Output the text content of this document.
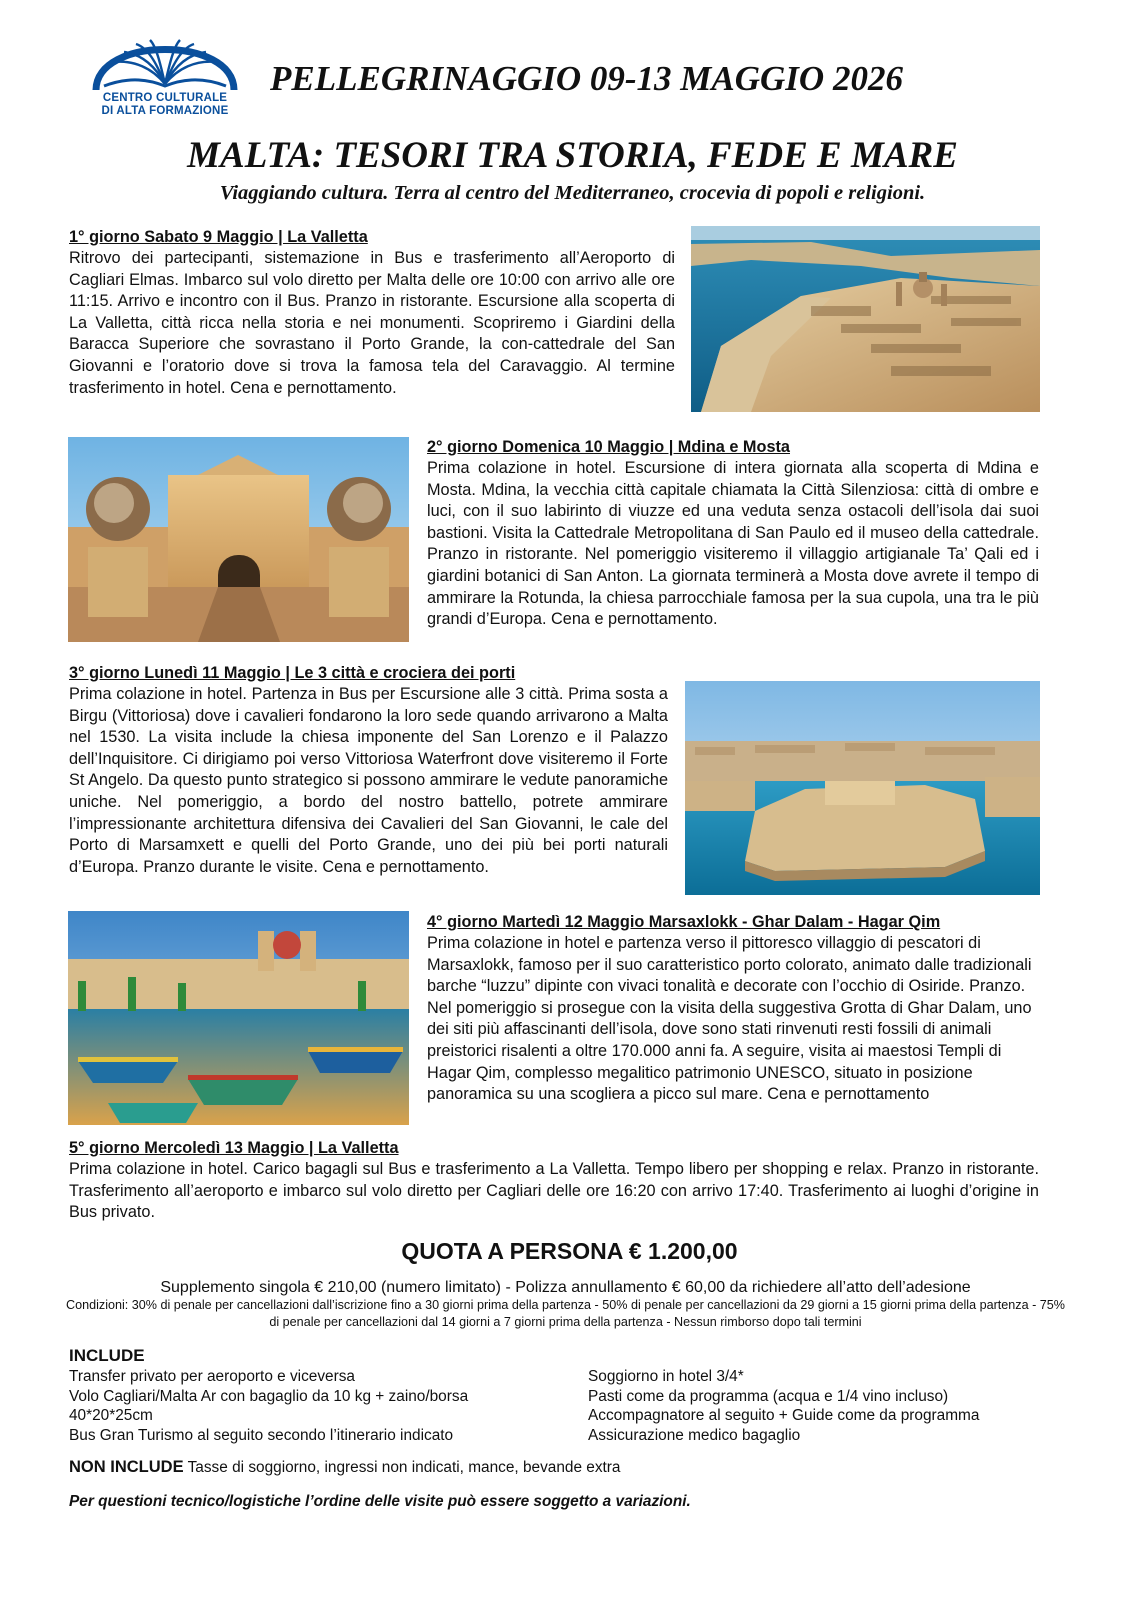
CENTRO CULTURALE
DI ALTA FORMAZIONE
PELLEGRINAGGIO 09-13 MAGGIO 2026
MALTA: TESORI TRA STORIA, FEDE E MARE
Viaggiando cultura. Terra al centro del Mediterraneo, crocevia di popoli e religioni.
1° giorno Sabato 9 Maggio | La Valletta
Ritrovo dei partecipanti, sistemazione in Bus e trasferimento all’Aeroporto di Cagliari Elmas. Imbarco sul volo diretto per Malta delle ore 10:00 con arrivo alle ore 11:15. Arrivo e incontro con il Bus. Pranzo in ristorante. Escursione alla scoperta di La Valletta, città ricca nella storia e nei monumenti. Scopriremo i Giardini della Baracca Superiore che sovrastano il Porto Grande, la con-cattedrale del San Giovanni e l’oratorio dove si trova la famosa tela del Caravaggio. Al termine trasferimento in hotel. Cena e pernottamento.
2° giorno Domenica 10 Maggio | Mdina e Mosta
Prima colazione in hotel. Escursione di intera giornata alla scoperta di Mdina e Mosta. Mdina, la vecchia città capitale chiamata la Città Silenziosa: città di ombre e luci, con il suo labirinto di viuzze ed una veduta senza ostacoli dell’isola dai suoi bastioni. Visita la Cattedrale Metropolitana di San Paulo ed il museo della cattedrale. Pranzo in ristorante. Nel pomeriggio visiteremo il villaggio artigianale Ta’ Qali ed i giardini botanici di San Anton. La giornata terminerà a Mosta dove avrete il tempo di ammirare la Rotunda, la chiesa parrocchiale famosa per la sua cupola, una tra le più grandi d’Europa. Cena e pernottamento.
3° giorno Lunedì 11 Maggio | Le 3 città e crociera dei porti
Prima colazione in hotel. Partenza in Bus per Escursione alle 3 città. Prima sosta a Birgu (Vittoriosa) dove i cavalieri fondarono la loro sede quando arrivarono a Malta nel 1530. La visita include la chiesa imponente del San Lorenzo e il Palazzo dell’Inquisitore. Ci dirigiamo poi verso Vittoriosa Waterfront dove visiteremo il Forte St Angelo. Da questo punto strategico si possono ammirare le vedute panoramiche uniche. Nel pomeriggio, a bordo del nostro battello, potrete ammirare l’impressionante architettura difensiva dei Cavalieri del San Giovanni, le cale del Porto di Marsamxett e quelli del Porto Grande, uno dei più bei porti naturali d’Europa. Pranzo durante le visite. Cena e pernottamento.
4° giorno Martedì 12 Maggio Marsaxlokk - Ghar Dalam - Hagar Qim
Prima colazione in hotel e partenza verso il pittoresco villaggio di pescatori di Marsaxlokk, famoso per il suo caratteristico porto colorato, animato dalle tradizionali barche “luzzu” dipinte con vivaci tonalità e decorate con l’occhio di Osiride. Pranzo. Nel pomeriggio si prosegue con la visita della suggestiva Grotta di Ghar Dalam, uno dei siti più affascinanti dell’isola, dove sono stati rinvenuti resti fossili di animali preistorici risalenti a oltre 170.000 anni fa. A seguire, visita ai maestosi Templi di Hagar Qim, complesso megalitico patrimonio UNESCO, situato in posizione panoramica su una scogliera a picco sul mare. Cena e pernottamento
5° giorno Mercoledì 13 Maggio | La Valletta
Prima colazione in hotel. Carico bagagli sul Bus e trasferimento a La Valletta. Tempo libero per shopping e relax. Pranzo in ristorante. Trasferimento all’aeroporto e imbarco sul volo diretto per Cagliari delle ore 16:20 con arrivo 17:40. Trasferimento ai luoghi d’origine in Bus privato.
QUOTA A PERSONA € 1.200,00
Supplemento singola € 210,00 (numero limitato) - Polizza annullamento € 60,00 da richiedere all’atto dell’adesione
Condizioni: 30% di penale per cancellazioni dall’iscrizione fino a 30 giorni prima della partenza - 50% di penale per cancellazioni da 29 giorni a 15 giorni prima della partenza - 75% di penale per cancellazioni dal 14 giorni a 7 giorni prima della partenza - Nessun rimborso dopo tali termini
INCLUDE
Transfer privato per aeroporto e viceversa
Volo Cagliari/Malta Ar con bagaglio da 10 kg + zaino/borsa
40*20*25cm
Bus Gran Turismo al seguito secondo l’itinerario indicato
Soggiorno in hotel 3/4*
Pasti come da programma (acqua e 1/4 vino incluso)
Accompagnatore al seguito + Guide come da programma
Assicurazione medico bagaglio
NON INCLUDE Tasse di soggiorno, ingressi non indicati, mance, bevande extra
Per questioni tecnico/logistiche l’ordine delle visite può essere soggetto a variazioni.
